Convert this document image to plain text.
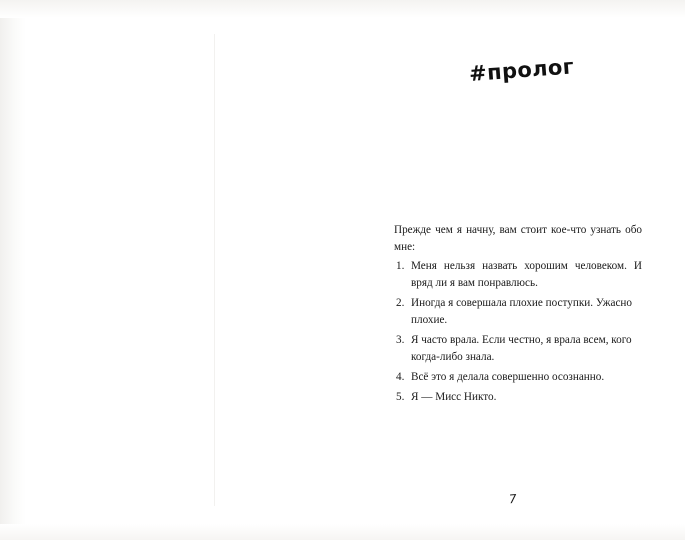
#пролог

Прежде чем я начну, вам стоит кое-что узнать обо мне:

Меня нельзя назвать хорошим человеком. И вряд ли я вам понравлюсь.
Иногда я совершала плохие поступки. Ужасно плохие.
Я часто врала. Если честно, я врала всем, кого когда-либо знала.
Всё это я делала совершенно осознанно.
Я — Мисс Никто.
7
